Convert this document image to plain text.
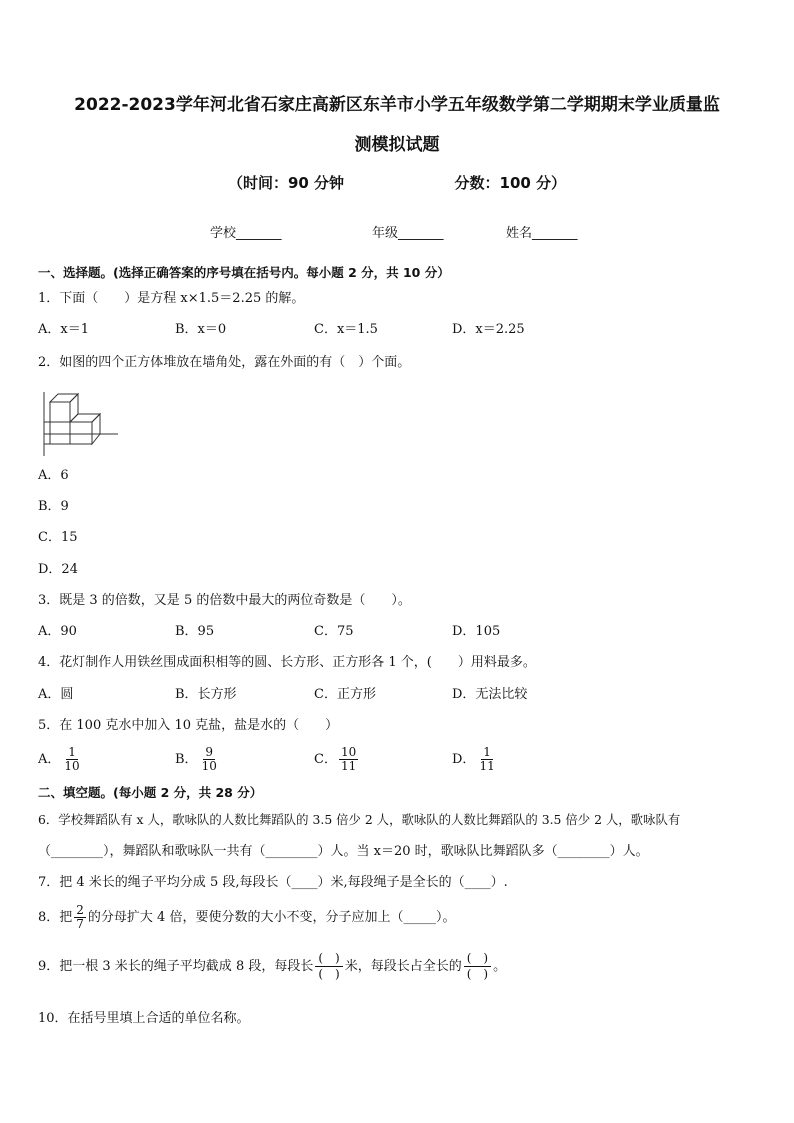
2022-2023学年河北省石家庄高新区东羊市小学五年级数学第二学期期末学业质量监
测模拟试题
（时间：90 分钟	分数：100 分）
学校_______	年级_______	姓名_______
一、选择题。(选择正确答案的序号填在括号内。每小题 2 分，共 10 分）
1．下面（　　）是方程 x×1.5＝2.25 的解。
A．x＝1	B．x＝0	C．x＝1.5	D．x＝2.25
2．如图的四个正方体堆放在墙角处，露在外面的有（　）个面。
A．6
B．9
C．15
D．24
3．既是 3 的倍数，又是 5 的倍数中最大的两位奇数是（　　）。
A．90	B．95	C．75	D．105
4．花灯制作人用铁丝围成面积相等的圆、长方形、正方形各 1 个，(　　）用料最多。
A．圆	B．长方形	C．正方形	D．无法比较
5．在 100 克水中加入 10 克盐，盐是水的（　　）
A． $\frac{1}{10}$	B． $\frac{9}{10}$	C． $\frac{10}{11}$	D． $\frac{1}{11}$
二、填空题。(每小题 2 分，共 28 分）
6．学校舞蹈队有 x 人，歌咏队的人数比舞蹈队的 3.5 倍少 2 人，歌咏队的人数比舞蹈队的 3.5 倍少 2 人，歌咏队有
（________），舞蹈队和歌咏队一共有（________）人。当 x＝20 时，歌咏队比舞蹈队多（________）人。
7．把 4 米长的绳子平均分成 5 段,每段长（____）米,每段绳子是全长的（____）.
8．把 $\frac{2}{7}$ 的分母扩大 4 倍，要使分数的大小不变，分子应加上（_____）。
9．把一根 3 米长的绳子平均截成 8 段，每段长 $\frac{( )}{( )}$ 米，每段长占全长的 $\frac{( )}{( )}$ 。
10．在括号里填上合适的单位名称。
